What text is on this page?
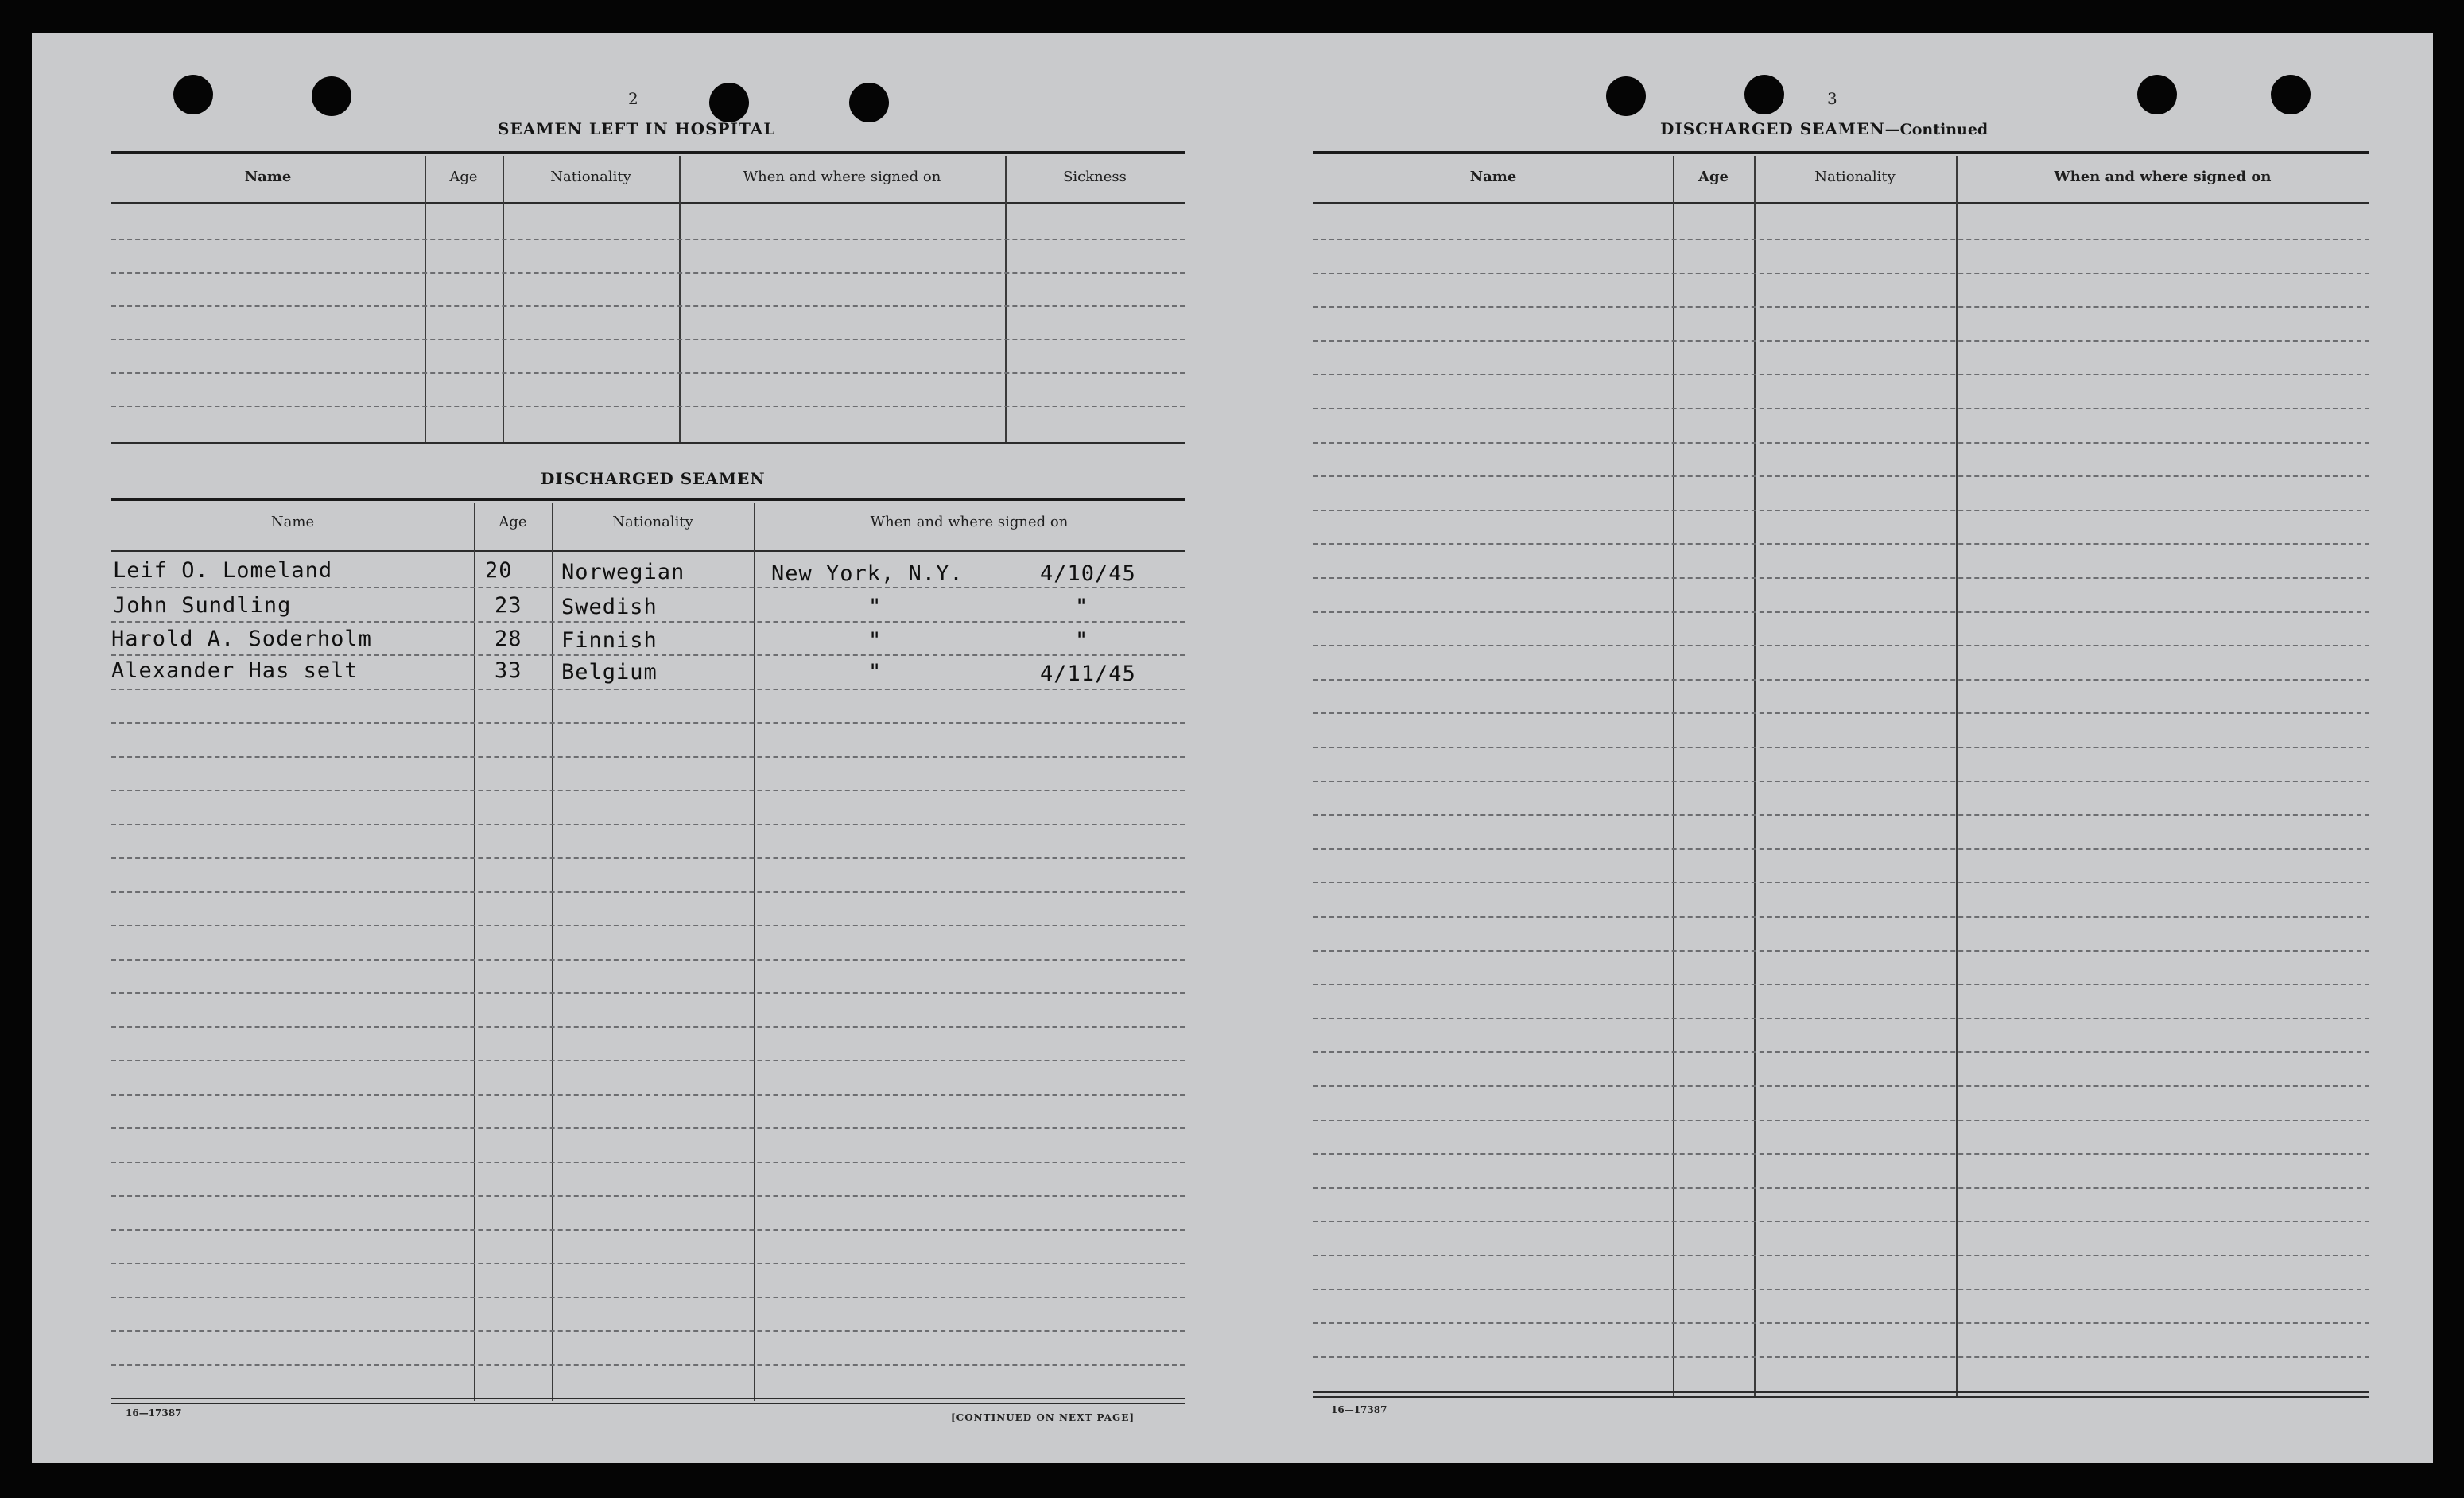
2
SEAMEN LEFT IN HOSPITAL
Name	Age	Nationality	When and where signed on	Sickness
DISCHARGED SEAMEN
Name	Age	Nationality	When and where signed on
Leif O. Lomeland	20 Norwegian	New York, N.Y.	4/10/45
John Sundling	23 Swedish	"	"
Harold A. Soderholm	28 Finnish	"	"
Alexander Has selt	33 Belgium	"	4/11/45
16—17387	[CONTINUED ON NEXT PAGE]
3
DISCHARGED SEAMEN—Continued
Name	Age	Nationality	When and where signed on
16—17387
